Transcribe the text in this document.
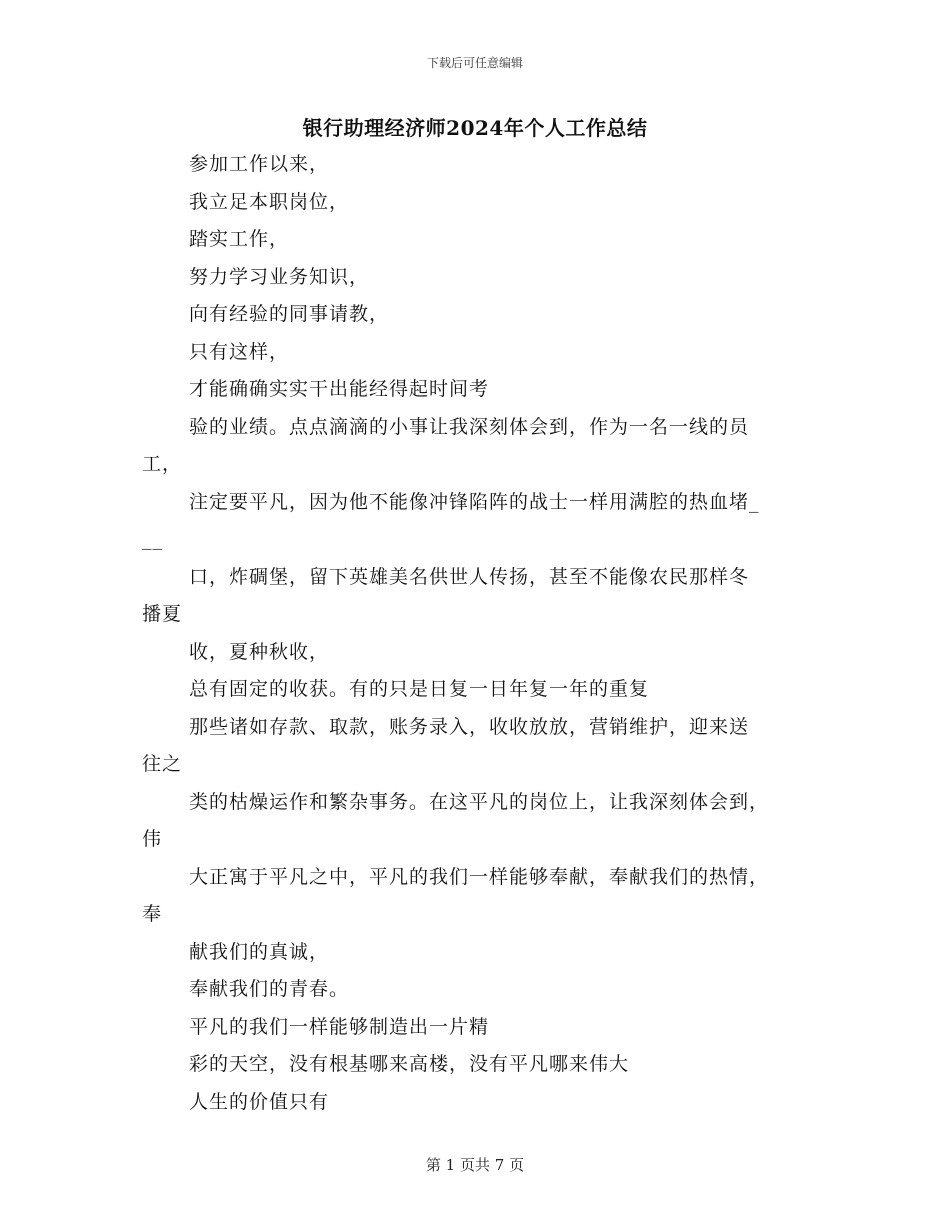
下载后可任意编辑
银行助理经济师2024年个人工作总结
参加工作以来，
我立足本职岗位，
踏实工作，
努力学习业务知识，
向有经验的同事请教，
只有这样，
才能确确实实干出能经得起时间考
验的业绩。点点滴滴的小事让我深刻体会到，作为一名一线的员
工，
注定要平凡，因为他不能像冲锋陷阵的战士一样用满腔的热血堵_
__
口，炸碉堡，留下英雄美名供世人传扬，甚至不能像农民那样冬
播夏
收，夏种秋收，
总有固定的收获。有的只是日复一日年复一年的重复
那些诸如存款、取款，账务录入，收收放放，营销维护，迎来送
往之
类的枯燥运作和繁杂事务。在这平凡的岗位上，让我深刻体会到，
伟
大正寓于平凡之中，平凡的我们一样能够奉献，奉献我们的热情，
奉
献我们的真诚，
奉献我们的青春。
平凡的我们一样能够制造出一片精
彩的天空，没有根基哪来高楼，没有平凡哪来伟大
人生的价值只有
第 1 页共 7 页
